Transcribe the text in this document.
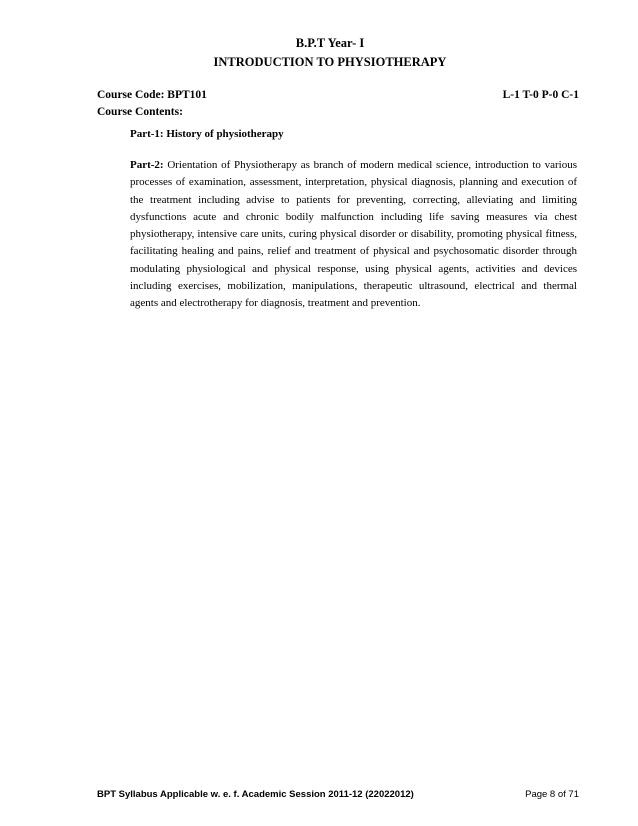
B.P.T Year- I
INTRODUCTION TO PHYSIOTHERAPY
Course Code: BPT101	L-1 T-0 P-0 C-1
Course Contents:
Part-1: History of physiotherapy
Part-2: Orientation of Physiotherapy as branch of modern medical science, introduction to various processes of examination, assessment, interpretation, physical diagnosis, planning and execution of the treatment including advise to patients for preventing, correcting, alleviating and limiting dysfunctions acute and chronic bodily malfunction including life saving measures via chest physiotherapy, intensive care units, curing physical disorder or disability, promoting physical fitness, facilitating healing and pains, relief and treatment of physical and psychosomatic disorder through modulating physiological and physical response, using physical agents, activities and devices including exercises, mobilization, manipulations, therapeutic ultrasound, electrical and thermal agents and electrotherapy for diagnosis, treatment and prevention.
BPT Syllabus Applicable w. e. f. Academic Session 2011-12 (22022012)	Page 8 of 71
